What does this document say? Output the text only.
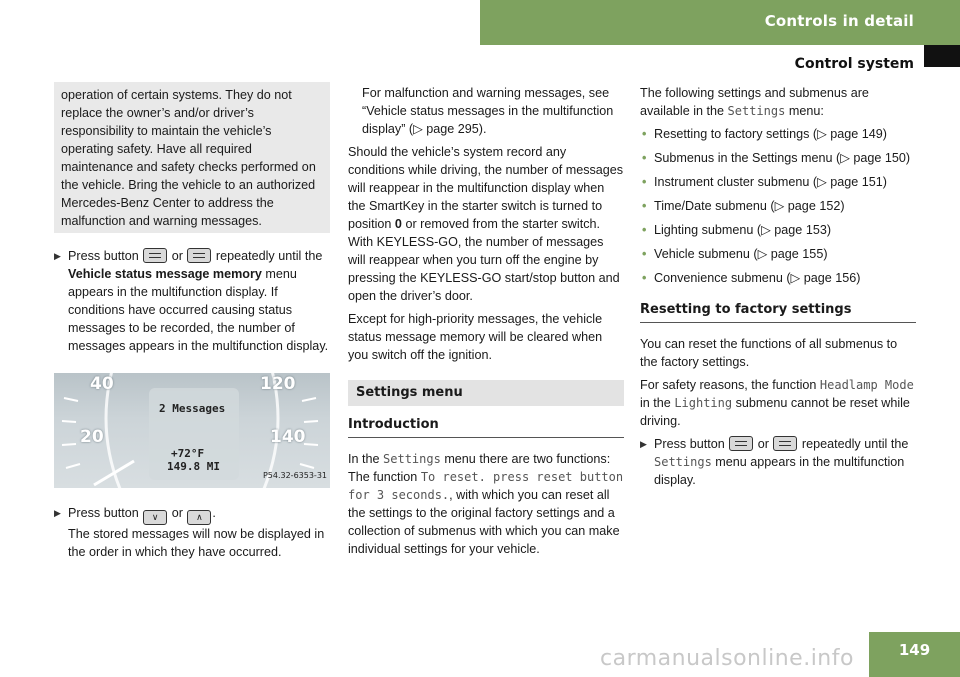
Controls in detail
Control system
operation of certain systems. They do not replace the owner’s and/or driver’s responsibility to maintain the vehicle’s operating safety. Have all required maintenance and safety checks performed on the vehicle. Bring the vehicle to an authorized Mercedes-Benz Center to address the malfunction and warning messages.
▶ Press button	or	repeatedly until the Vehicle status message memory menu appears in the multifunction display. If conditions have occurred causing status messages to be recorded, the number of messages appears in the multifunction display.
40
20
120
140
2 Messages
+72°F
149.8 MI
P54.32-6353-31
▶ Press button ∨ or ∧ .
The stored messages will now be displayed in the order in which they have occurred.

For malfunction and warning messages, see “Vehicle status messages in the multifunction display” (▷ page 295).

Should the vehicle’s system record any conditions while driving, the number of messages will reappear in the multifunction display when the SmartKey in the starter switch is turned to position 0 or removed from the starter switch. With KEYLESS-GO, the number of messages will reappear when you turn off the engine by pressing the KEYLESS-GO start/stop button and open the driver’s door.

Except for high-priority messages, the vehicle status message memory will be cleared when you switch off the ignition.

Settings menu
Introduction

In the Settings menu there are two functions: The function To reset. press reset button for 3 seconds., with which you can reset all the settings to the original factory settings and a collection of submenus with which you can make individual settings for your vehicle.

The following settings and submenus are available in the Settings menu:

• Resetting to factory settings (▷ page 149)
• Submenus in the Settings menu (▷ page 150)
• Instrument cluster submenu (▷ page 151)
• Time/Date submenu (▷ page 152)
• Lighting submenu (▷ page 153)
• Vehicle submenu (▷ page 155)
• Convenience submenu (▷ page 156)
Resetting to factory settings

You can reset the functions of all submenus to the factory settings.

For safety reasons, the function Headlamp Mode in the Lighting submenu cannot be reset while driving.

▶ Press button	or	repeatedly until the Settings menu appears in the multifunction display.
carmanualsonline.info	149
